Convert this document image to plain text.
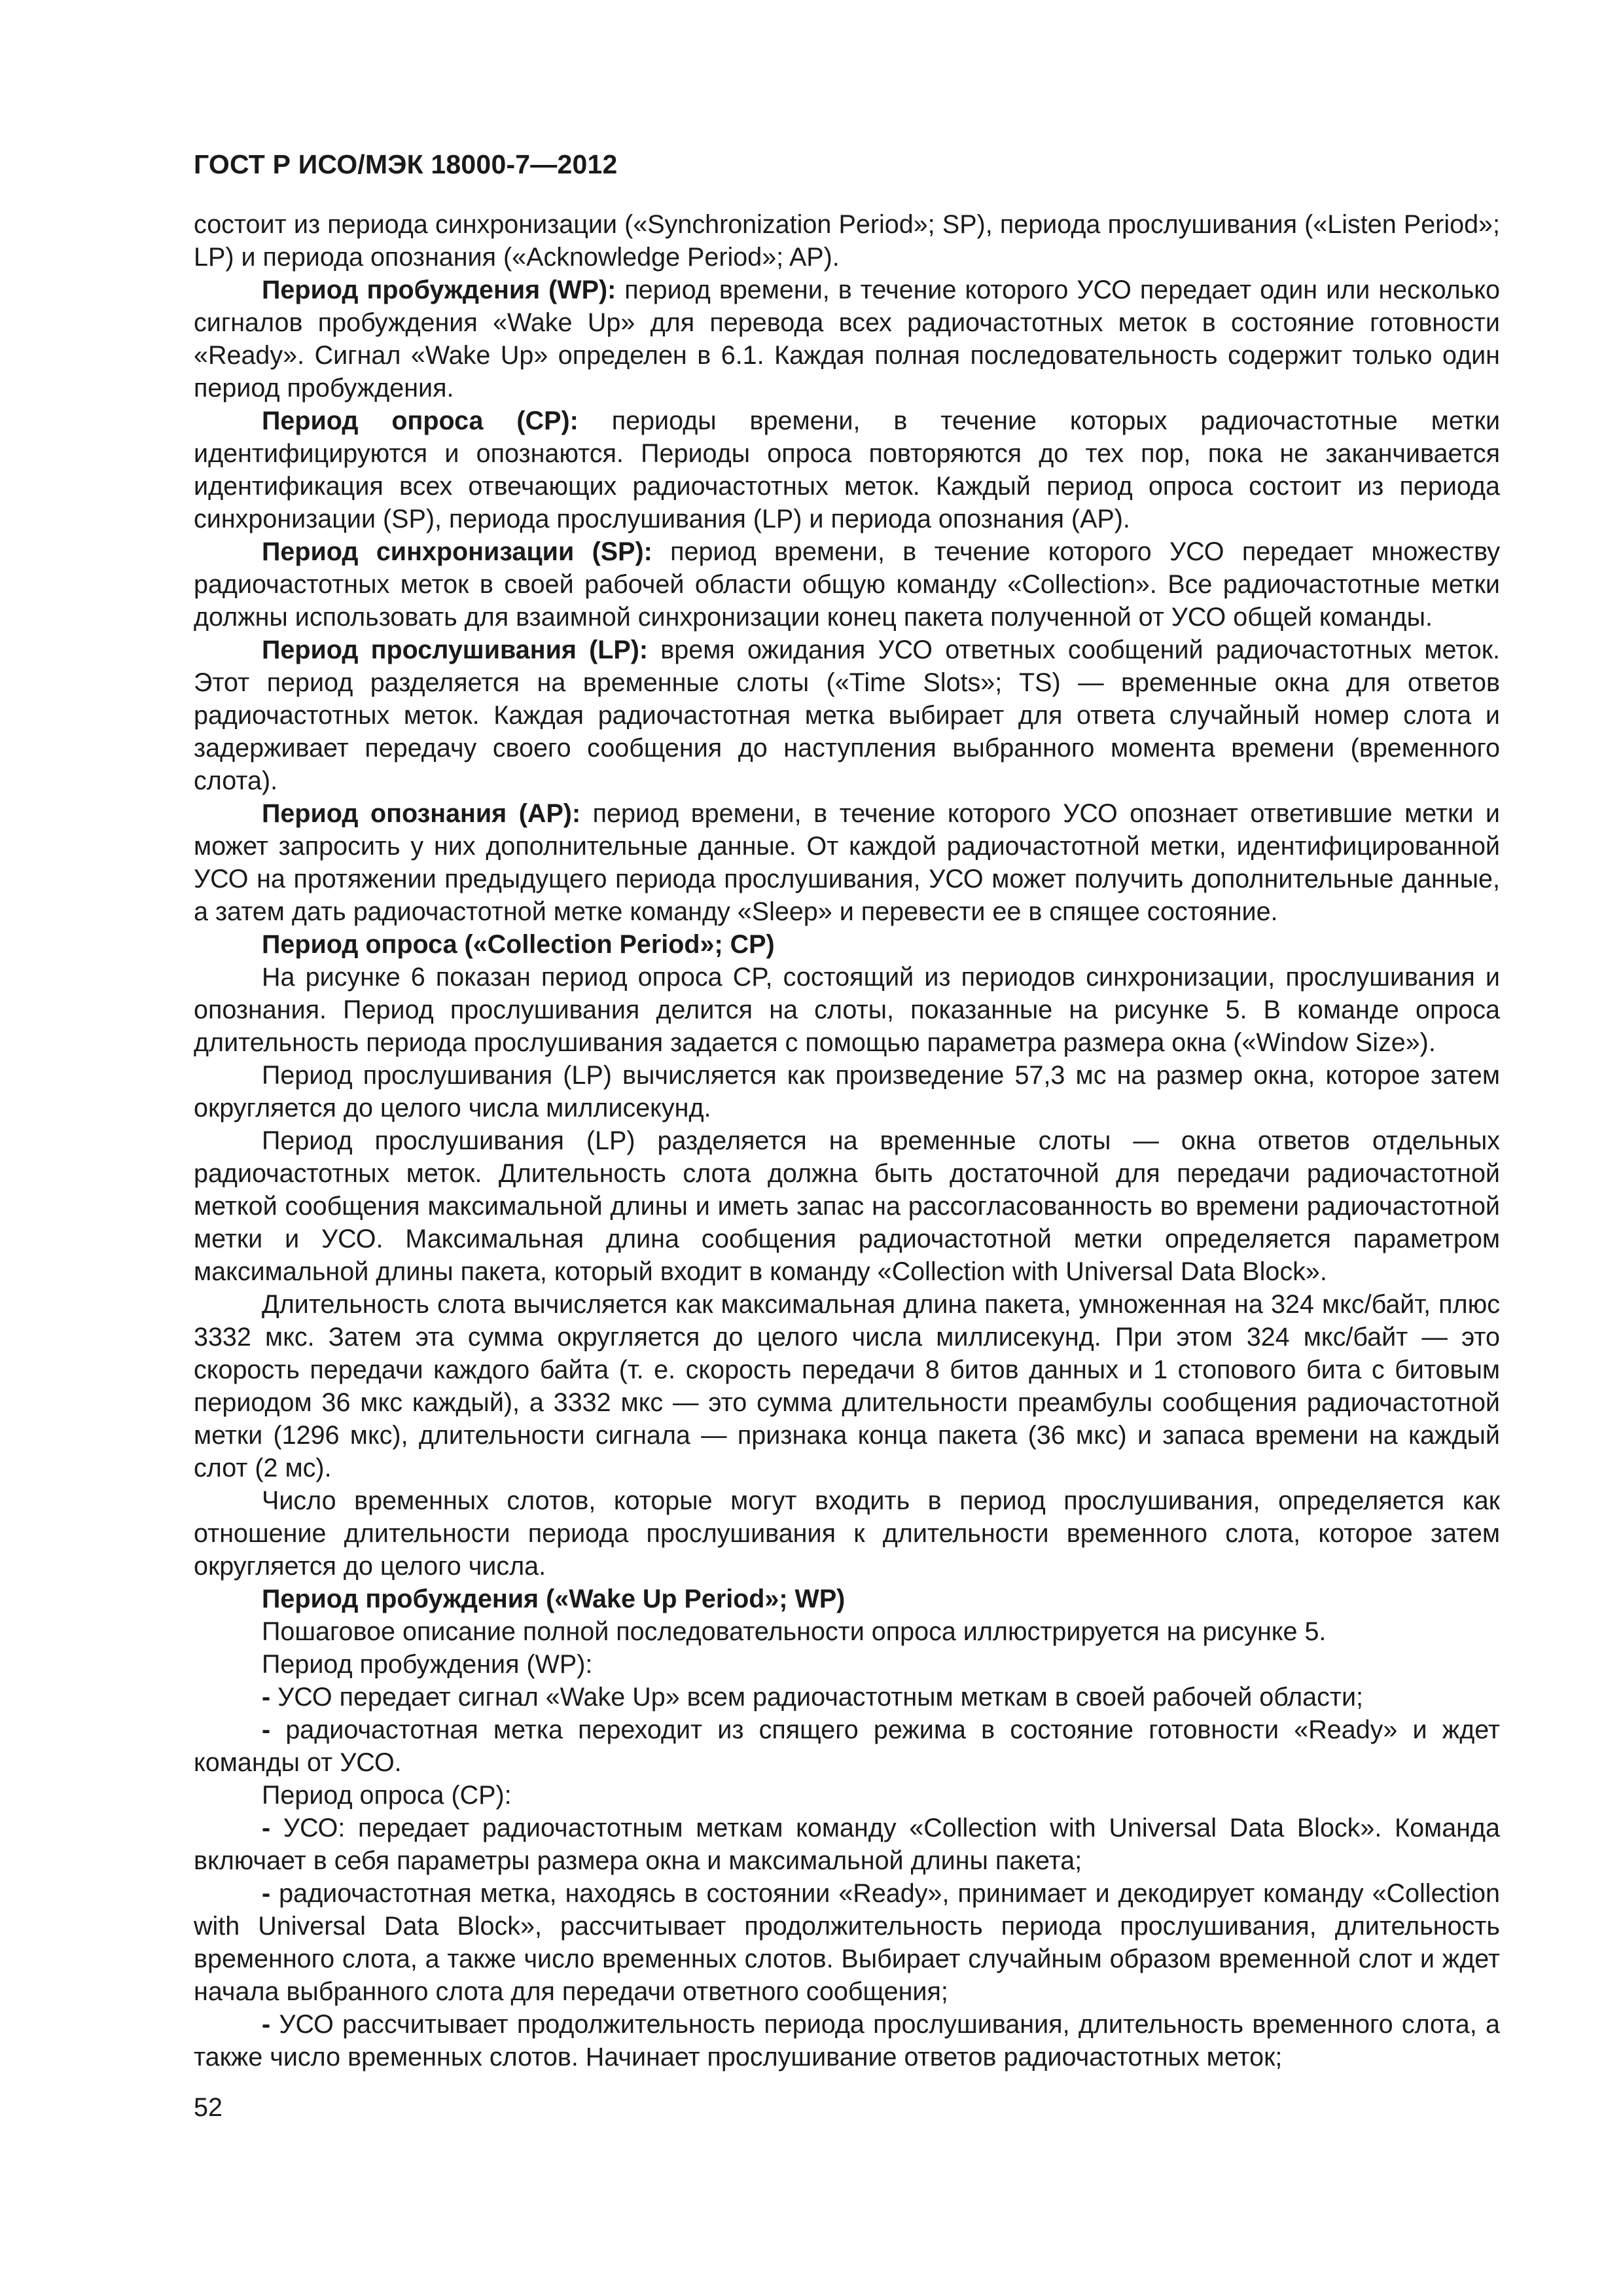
ГОСТ Р ИСО/МЭК 18000-7—2012

состоит из периода синхронизации («Synchronization Period»; SP), периода прослушивания («Listen Period»; LP) и периода опознания («Acknowledge Period»; AP).

Период пробуждения (WP): период времени, в течение которого УСО передает один или несколько сигналов пробуждения «Wake Up» для перевода всех радиочастотных меток в состояние готовности «Ready». Сигнал «Wake Up» определен в 6.1. Каждая полная последовательность содержит только один период пробуждения.

Период опроса (CP): периоды времени, в течение которых радиочастотные метки идентифицируются и опознаются. Периоды опроса повторяются до тех пор, пока не заканчивается идентификация всех отвечающих радиочастотных меток. Каждый период опроса состоит из периода синхронизации (SP), периода прослушивания (LP) и периода опознания (AP).

Период синхронизации (SP): период времени, в течение которого УСО передает множеству радиочастотных меток в своей рабочей области общую команду «Collection». Все радиочастотные метки должны использовать для взаимной синхронизации конец пакета полученной от УСО общей команды.

Период прослушивания (LP): время ожидания УСО ответных сообщений радиочастотных меток. Этот период разделяется на временные слоты («Time Slots»; TS) — временные окна для ответов радиочастотных меток. Каждая радиочастотная метка выбирает для ответа случайный номер слота и задерживает передачу своего сообщения до наступления выбранного момента времени (временного слота).

Период опознания (AP): период времени, в течение которого УСО опознает ответившие метки и может запросить у них дополнительные данные. От каждой радиочастотной метки, идентифицированной УСО на протяжении предыдущего периода прослушивания, УСО может получить дополнительные данные, а затем дать радиочастотной метке команду «Sleep» и перевести ее в спящее состояние.

Период опроса («Collection Period»; CP)

На рисунке 6 показан период опроса CP, состоящий из периодов синхронизации, прослушивания и опознания. Период прослушивания делится на слоты, показанные на рисунке 5. В команде опроса длительность периода прослушивания задается с помощью параметра размера окна («Window Size»).

Период прослушивания (LP) вычисляется как произведение 57,3 мс на размер окна, которое затем округляется до целого числа миллисекунд.

Период прослушивания (LP) разделяется на временные слоты — окна ответов отдельных радиочастотных меток. Длительность слота должна быть достаточной для передачи радиочастотной меткой сообщения максимальной длины и иметь запас на рассогласованность во времени радиочастотной метки и УСО. Максимальная длина сообщения радиочастотной метки определяется параметром максимальной длины пакета, который входит в команду «Collection with Universal Data Block».

Длительность слота вычисляется как максимальная длина пакета, умноженная на 324 мкс/байт, плюс 3332 мкс. Затем эта сумма округляется до целого числа миллисекунд. При этом 324 мкс/байт — это скорость передачи каждого байта (т. е. скорость передачи 8 битов данных и 1 стопового бита с битовым периодом 36 мкс каждый), а 3332 мкс — это сумма длительности преамбулы сообщения радиочастотной метки (1296 мкс), длительности сигнала — признака конца пакета (36 мкс) и запаса времени на каждый слот (2 мс).

Число временных слотов, которые могут входить в период прослушивания, определяется как отношение длительности периода прослушивания к длительности временного слота, которое затем округляется до целого числа.

Период пробуждения («Wake Up Period»; WP)

Пошаговое описание полной последовательности опроса иллюстрируется на рисунке 5.

Период пробуждения (WP):

- УСО передает сигнал «Wake Up» всем радиочастотным меткам в своей рабочей области;

- радиочастотная метка переходит из спящего режима в состояние готовности «Ready» и ждет команды от УСО.

Период опроса (CP):

- УСО: передает радиочастотным меткам команду «Collection with Universal Data Block». Команда включает в себя параметры размера окна и максимальной длины пакета;

- радиочастотная метка, находясь в состоянии «Ready», принимает и декодирует команду «Collection with Universal Data Block», рассчитывает продолжительность периода прослушивания, длительность временного слота, а также число временных слотов. Выбирает случайным образом временной слот и ждет начала выбранного слота для передачи ответного сообщения;

- УСО рассчитывает продолжительность периода прослушивания, длительность временного слота, а также число временных слотов. Начинает прослушивание ответов радиочастотных меток;

52
